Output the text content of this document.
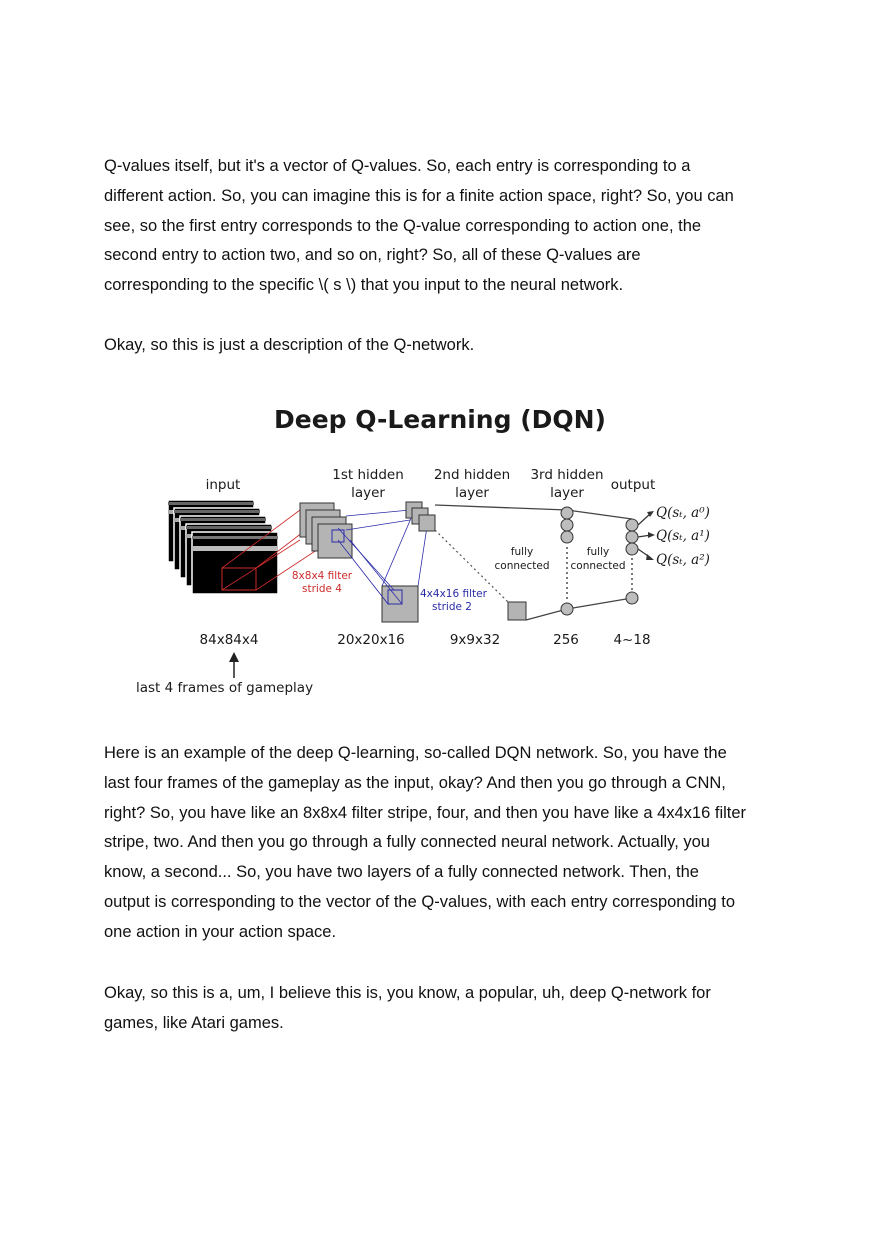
Q-values itself, but it's a vector of Q-values. So, each entry is corresponding to a
different action. So, you can imagine this is for a finite action space, right? So, you can
see, so the first entry corresponds to the Q-value corresponding to action one, the
second entry to action two, and so on, right? So, all of these Q-values are
corresponding to the specific \( s \) that you input to the neural network.
Okay, so this is just a description of the Q-network.
Deep Q-Learning (DQN)
input
1st hidden
layer
2nd hidden
layer
3rd hidden
layer output
8x8x4 filter
stride 4	4x4x16 filter
stride 2
fully
connected
fully
connected
Q(sₜ, a⁰)
Q(sₜ, a¹)
Q(sₜ, a²)
84x84x4	20x20x16	9x9x32	256	4~18
last 4 frames of gameplay
Here is an example of the deep Q-learning, so-called DQN network. So, you have the
last four frames of the gameplay as the input, okay? And then you go through a CNN,
right? So, you have like an 8x8x4 filter stripe, four, and then you have like a 4x4x16 filter
stripe, two. And then you go through a fully connected neural network. Actually, you
know, a second... So, you have two layers of a fully connected network. Then, the
output is corresponding to the vector of the Q-values, with each entry corresponding to
one action in your action space.
Okay, so this is a, um, I believe this is, you know, a popular, uh, deep Q-network for
games, like Atari games.
